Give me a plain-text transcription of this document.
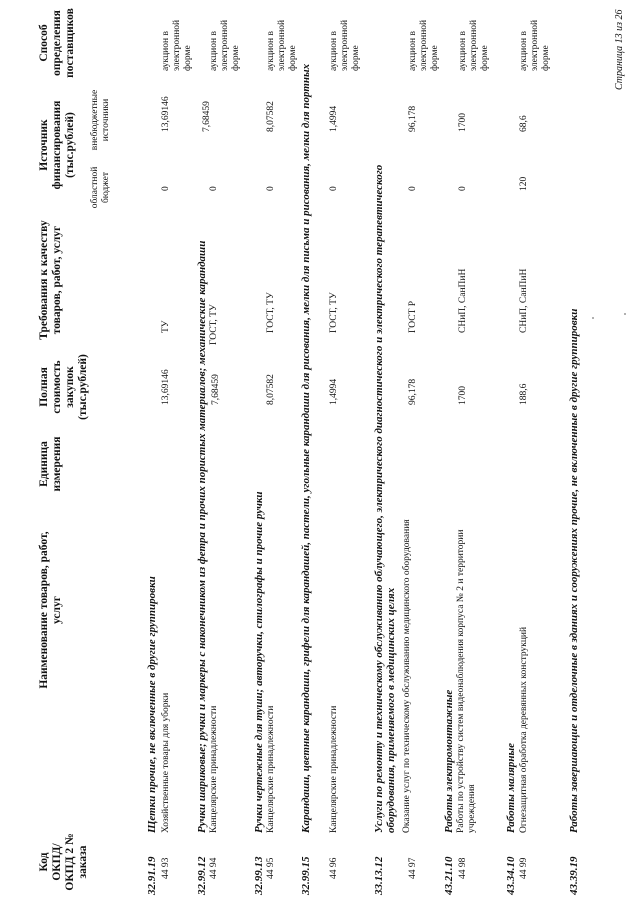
Код ОКПД/ ОКПД 2 № заказа
Наименование товаров, работ, услуг
Единица измерения
Полная стоимость закупок (тыс.рублей)
Требования к качеству товаров, работ, услуг
Источник финансирования (тыс.рублей)
областной бюджет
внебюджетные источники
Способ определения поставщиков
32.91.19Щетки прочие, не включенные в другие группировки
44 93
Хозяйственные товары для уборки
13,69146
ТУ
0
13,69146
аукцион в электронной форме
32.99.12Ручки шариковые; ручки и маркеры с наконечником из фетра и прочих пористых материалов; механические карандаши
44 94
Канцелярские принадлежности
7,68459
ГОСТ, ТУ
0
7,68459
аукцион в электронной форме
32.99.13Ручки чертежные для туши; авторучки, стилографы и прочие ручки
44 95
Канцелярские принадлежности
8,07582
ГОСТ, ТУ
0
8,07582
аукцион в электронной форме
32.99.15
Карандаши, цветные карандаши, грифели для карандашей, пастели, угольные карандаши для рисования, мелки для письма и рисования, мелки для портных
44 96
Канцелярские принадлежности
1,4994
ГОСТ, ТУ
0
1,4994
аукцион в электронной форме
33.13.12
Услуги по ремонту и техническому обслуживанию облучающего, электрического диагностического и электрического терапевтического оборудования, применяемого в медицинских целях
44 97
Оказание услуг по техническому обслуживанию медицинского оборудования
96,178
ГОСТ Р
0
96,178
аукцион в электронной форме
43.21.10Работы электромонтажные
44 98
Работы по устройству систем видеонаблюдения корпуса № 2 и территории учреждения
1700
СНиП, СанПиН
0
1700
аукцион в электронной форме
43.34.10Работы малярные
44 99
Огнезащитная обработка деревянных конструкций
188,6
СНиП, СанПиН
120
68,6
аукцион в электронной форме
43.39.19Работы завершающие и отделочные в зданиях и сооружениях прочие, не включенные в другие группировки
Страница 13 из 26
